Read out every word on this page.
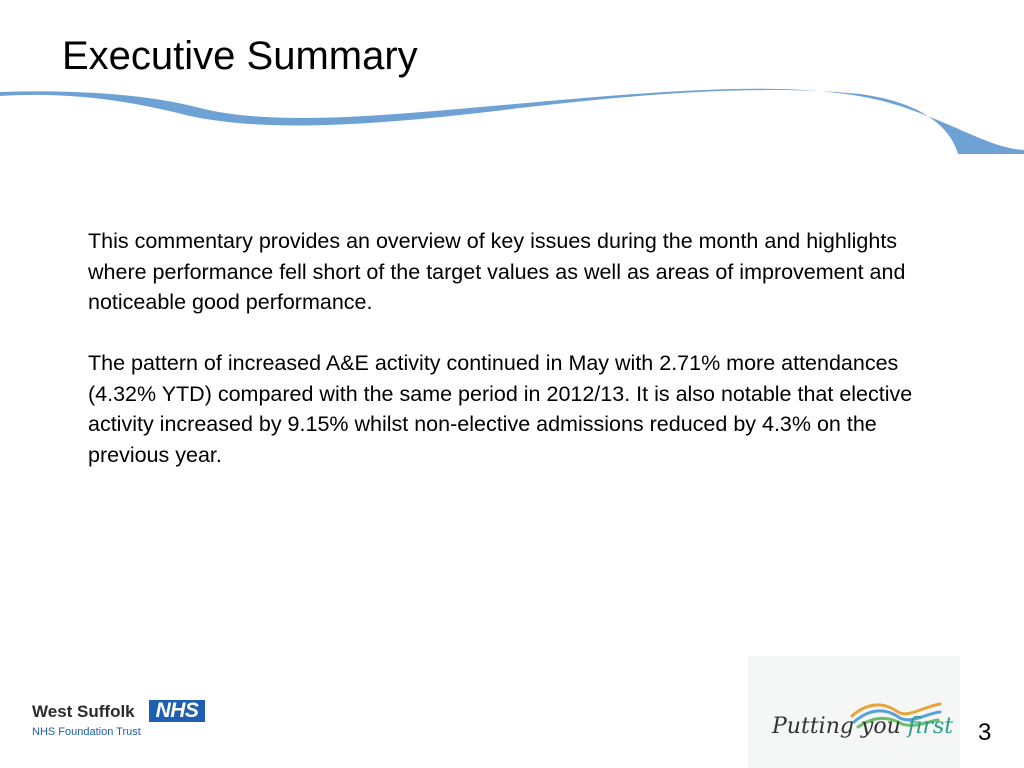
Executive Summary

This commentary provides an overview of key issues during the month and highlights where performance fell short of the target values as well as areas of improvement and noticeable good performance.

The pattern of increased A&E activity continued in May with 2.71% more attendances (4.32% YTD) compared with the same period in 2012/13. It is also notable that elective activity increased by 9.15% whilst non-elective admissions reduced by 4.3% on the previous year.

West Suffolk NHS
NHS Foundation Trust	Putting you first 3
